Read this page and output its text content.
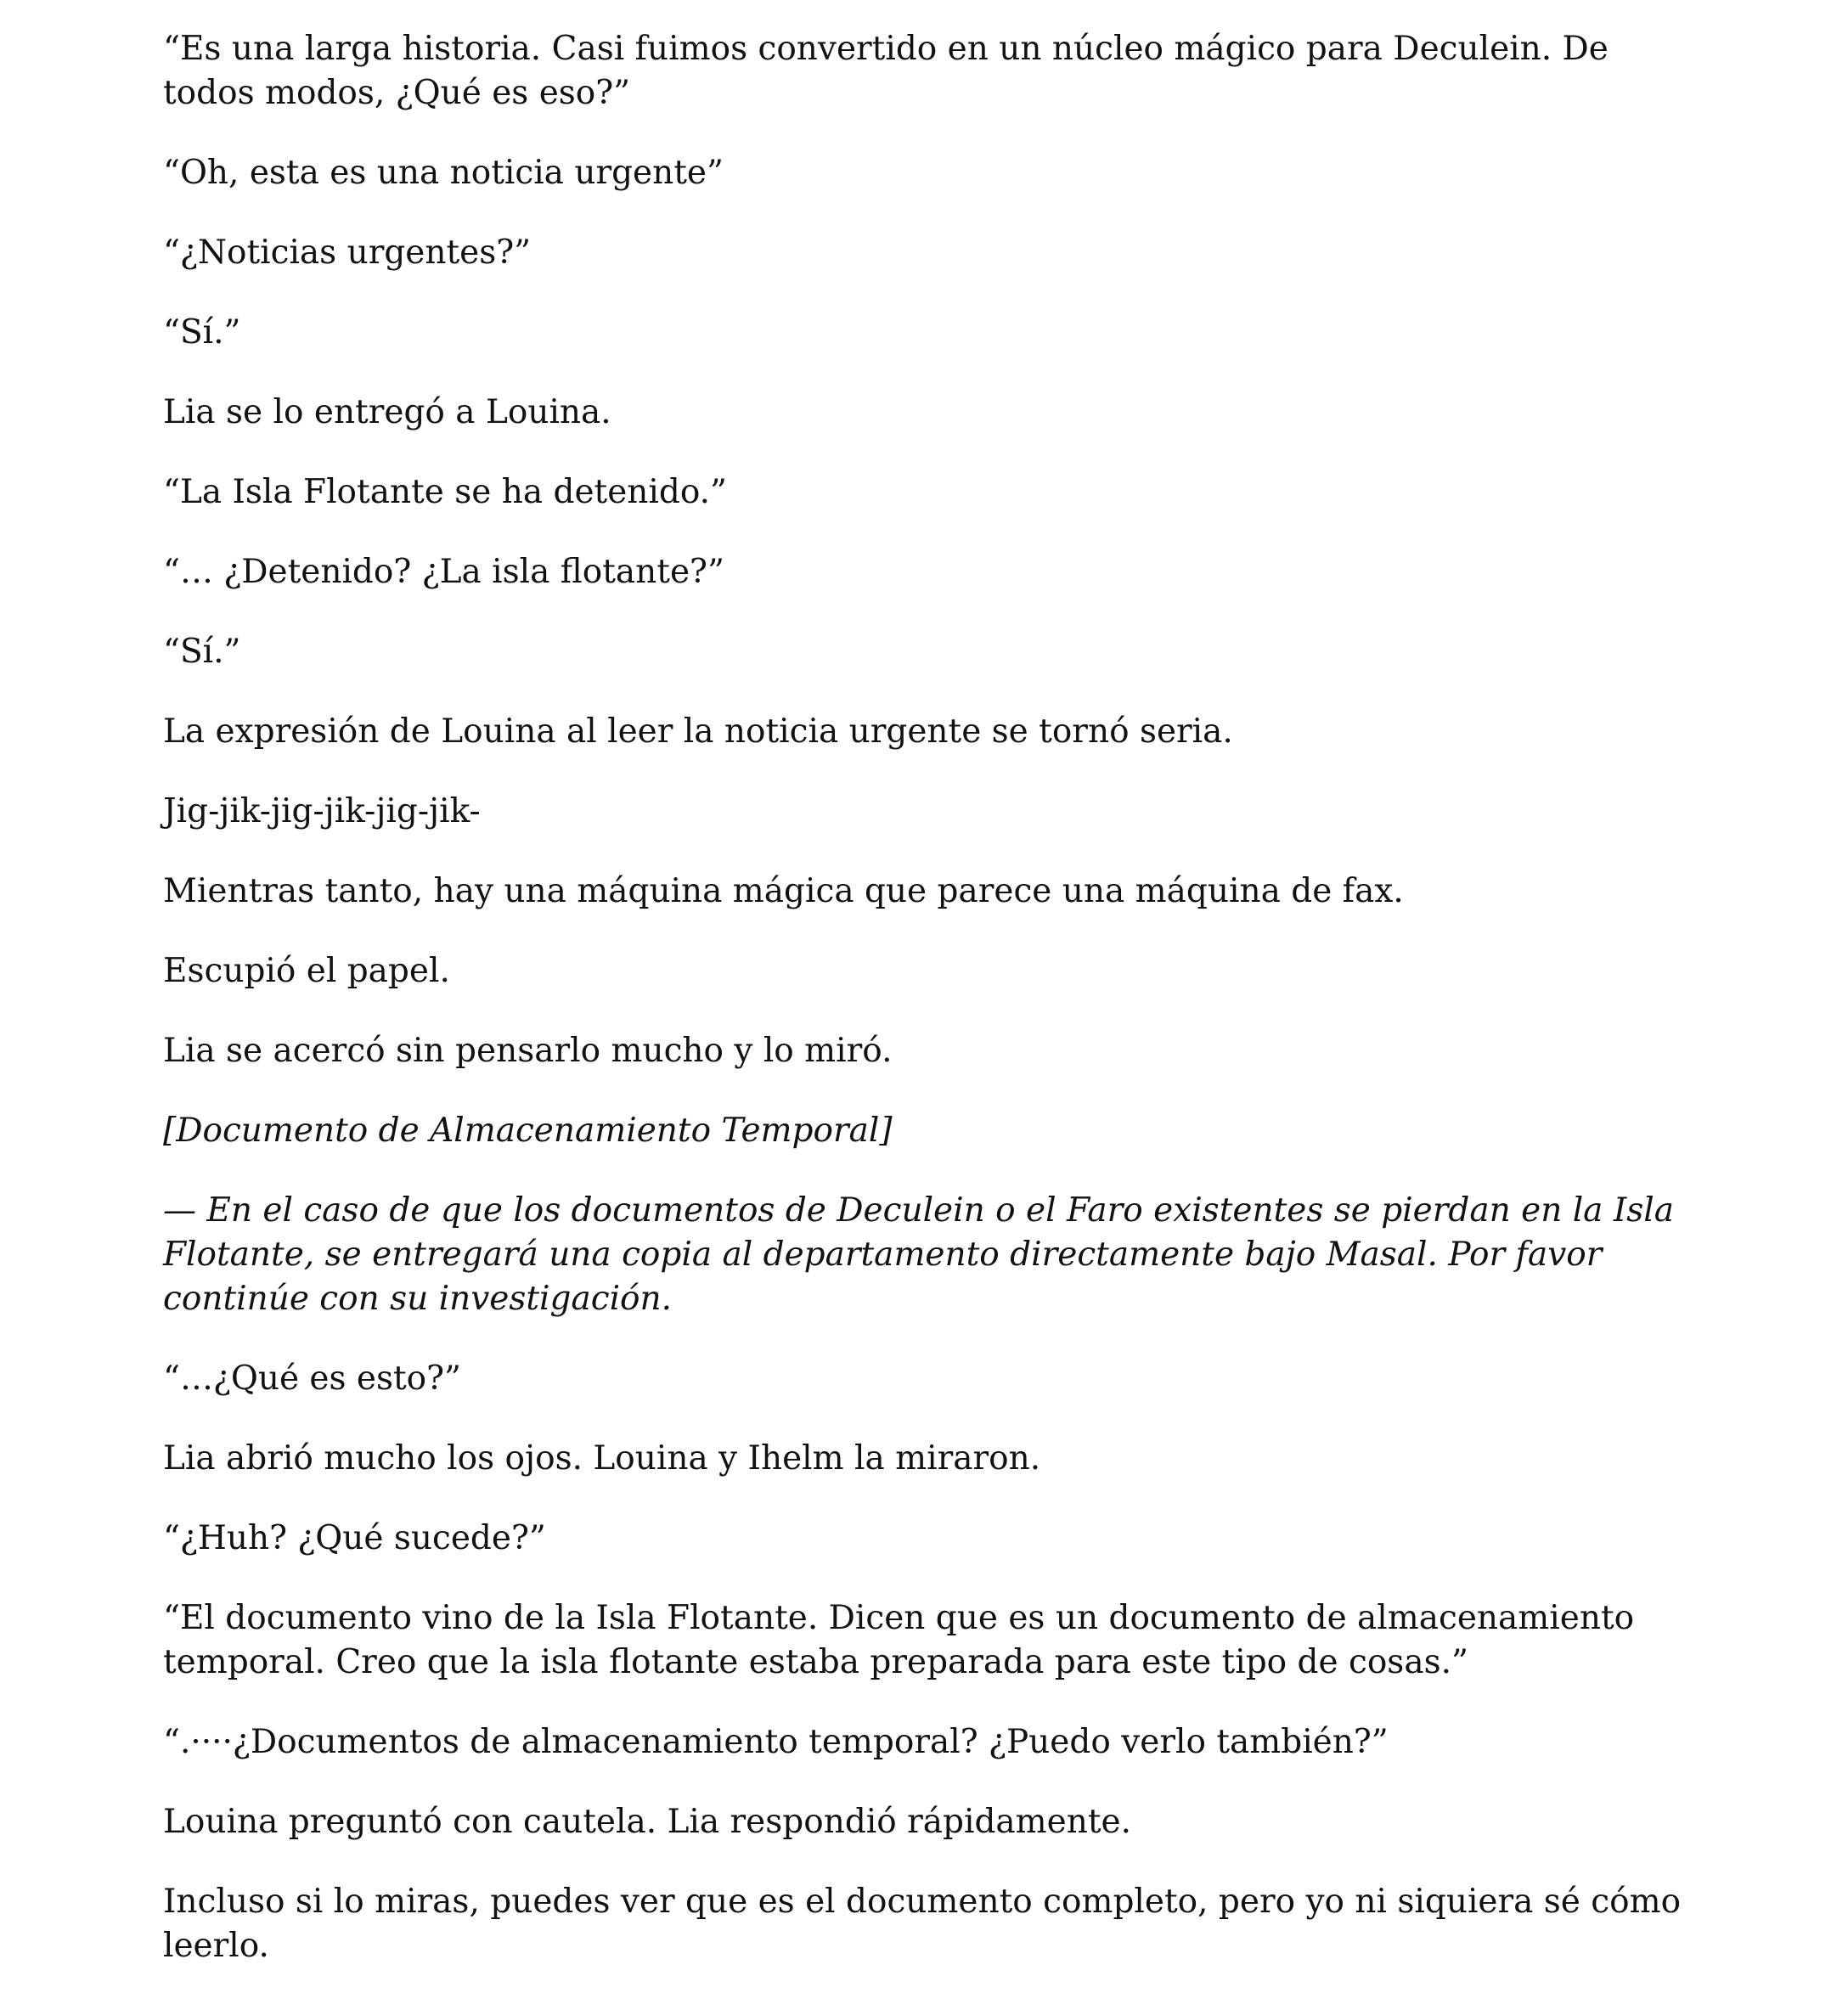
“Es una larga historia. Casi fuimos convertido en un núcleo mágico para Deculein. De todos modos, ¿Qué es eso?”

“Oh, esta es una noticia urgente”

“¿Noticias urgentes?”

“Sí.”

Lia se lo entregó a Louina.

“La Isla Flotante se ha detenido.”

“… ¿Detenido? ¿La isla flotante?”

“Sí.”

La expresión de Louina al leer la noticia urgente se tornó seria.

Jig-jik-jig-jik-jig-jik-

Mientras tanto, hay una máquina mágica que parece una máquina de fax.

Escupió el papel.

Lia se acercó sin pensarlo mucho y lo miró.

[Documento de Almacenamiento Temporal]

— En el caso de que los documentos de Deculein o el Faro existentes se pierdan en la Isla Flotante, se entregará una copia al departamento directamente bajo Masal. Por favor continúe con su investigación.

“…¿Qué es esto?”

Lia abrió mucho los ojos. Louina y Ihelm la miraron.

“¿Huh? ¿Qué sucede?”

“El documento vino de la Isla Flotante. Dicen que es un documento de almacenamiento temporal. Creo que la isla flotante estaba preparada para este tipo de cosas.”

“.····¿Documentos de almacenamiento temporal? ¿Puedo verlo también?”

Louina preguntó con cautela. Lia respondió rápidamente.

Incluso si lo miras, puedes ver que es el documento completo, pero yo ni siquiera sé cómo leerlo.
